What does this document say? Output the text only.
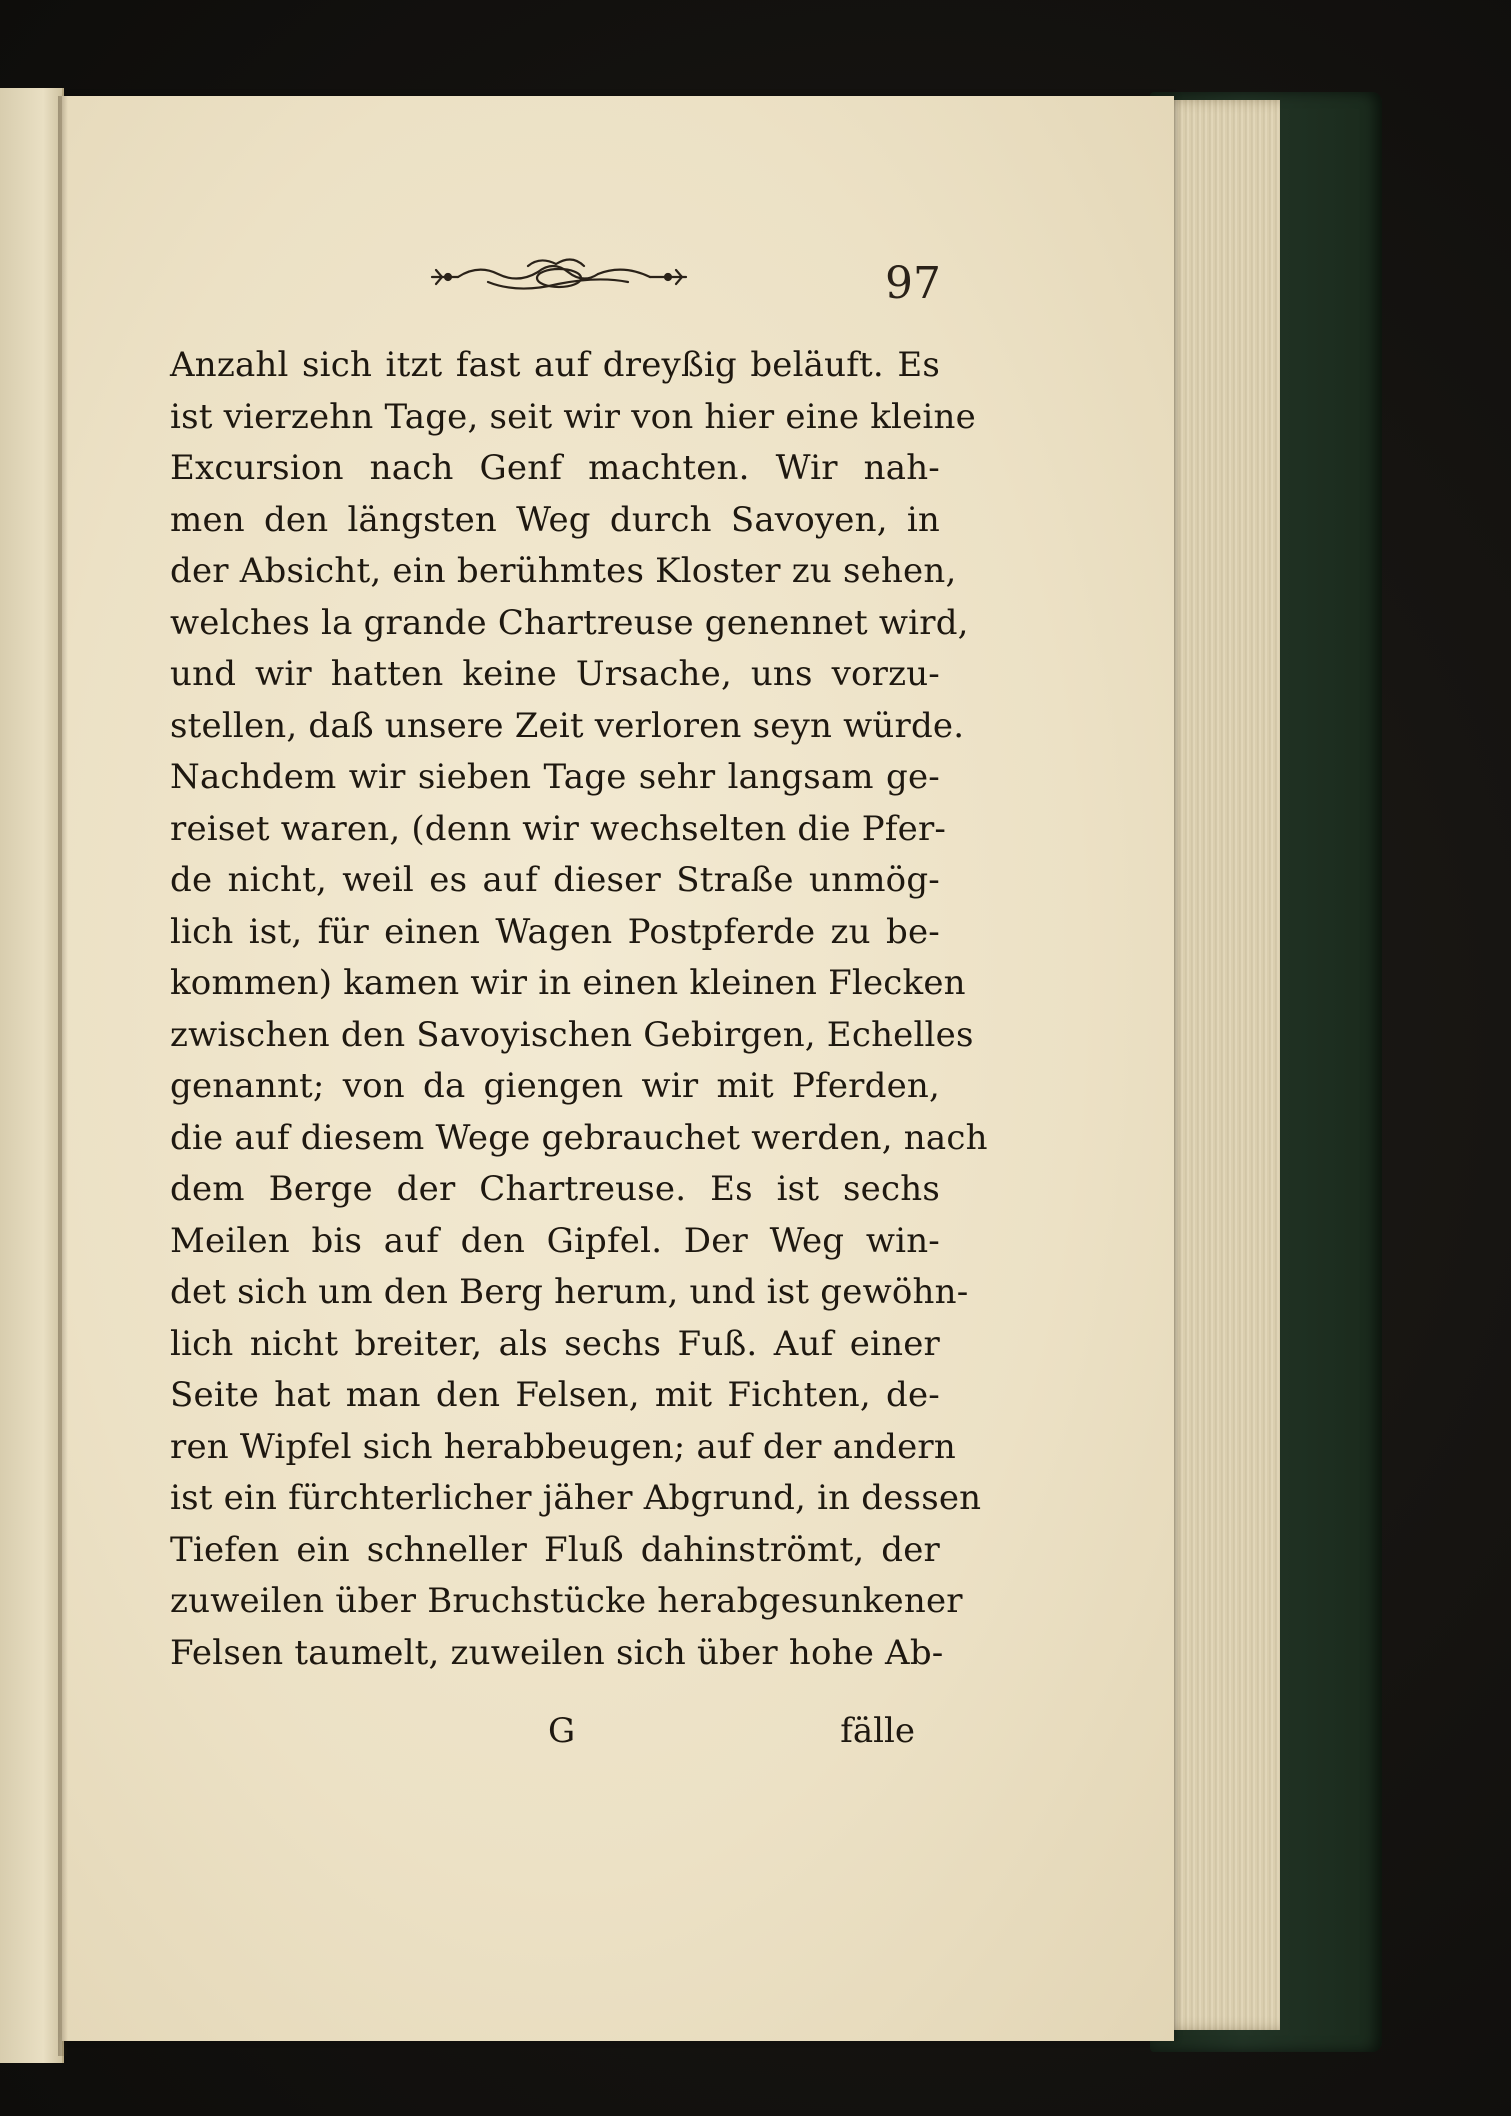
97
Anzahl sich itzt fast auf dreyßig beläuft. Es
ist vierzehn Tage, seit wir von hier eine kleine
Excursion nach Genf machten. Wir nah-
men den längsten Weg durch Savoyen, in
der Absicht, ein berühmtes Kloster zu sehen,
welches la grande Chartreuse genennet wird,
und wir hatten keine Ursache, uns vorzu-
stellen, daß unsere Zeit verloren seyn würde.
Nachdem wir sieben Tage sehr langsam ge-
reiset waren, (denn wir wechselten die Pfer-
de nicht, weil es auf dieser Straße unmög-
lich ist, für einen Wagen Postpferde zu be-
kommen) kamen wir in einen kleinen Flecken
zwischen den Savoyischen Gebirgen, Echelles
genannt; von da giengen wir mit Pferden,
die auf diesem Wege gebrauchet werden, nach
dem Berge der Chartreuse. Es ist sechs
Meilen bis auf den Gipfel. Der Weg win-
det sich um den Berg herum, und ist gewöhn-
lich nicht breiter, als sechs Fuß. Auf einer
Seite hat man den Felsen, mit Fichten, de-
ren Wipfel sich herabbeugen; auf der andern
ist ein fürchterlicher jäher Abgrund, in dessen
Tiefen ein schneller Fluß dahinströmt, der
zuweilen über Bruchstücke herabgesunkener
Felsen taumelt, zuweilen sich über hohe Ab-
G	fälle
